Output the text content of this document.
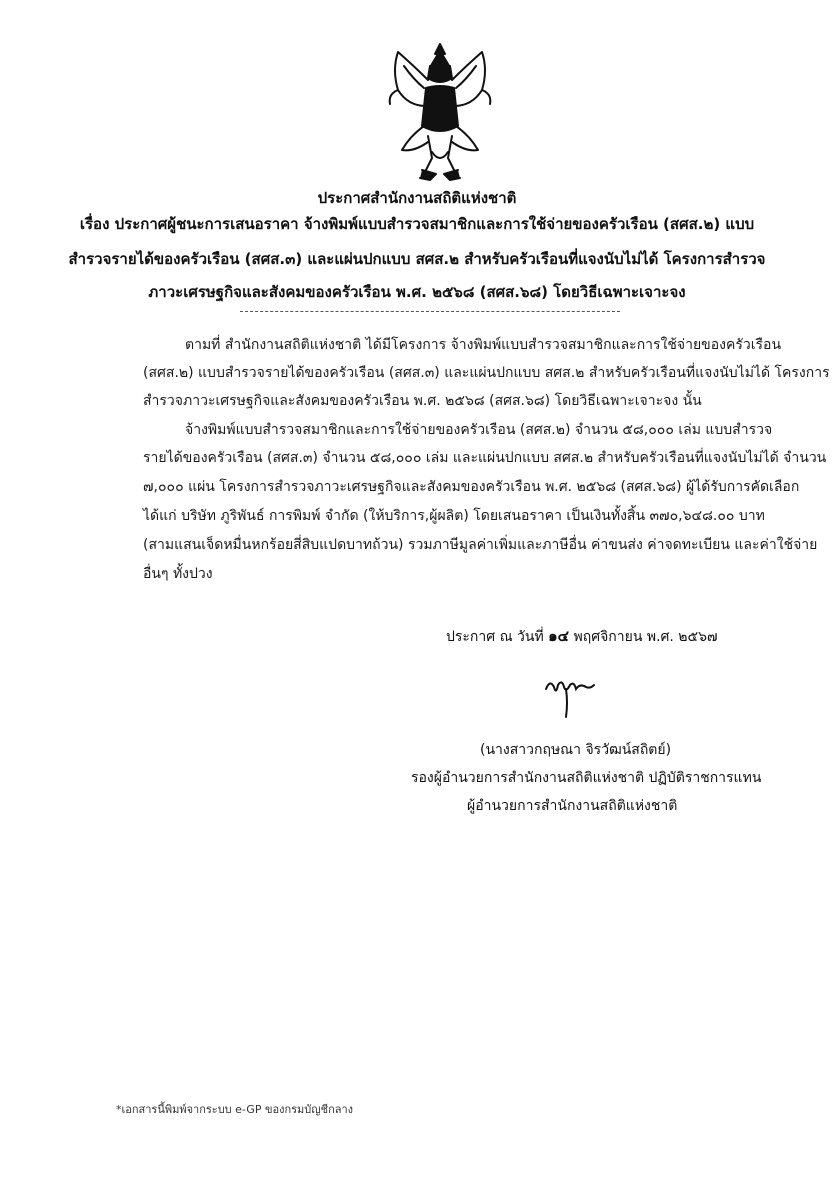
ประกาศสำนักงานสถิติแห่งชาติ
เรื่อง ประกาศผู้ชนะการเสนอราคา จ้างพิมพ์แบบสำรวจสมาชิกและการใช้จ่ายของครัวเรือน (สศส.๒) แบบ
สำรวจรายได้ของครัวเรือน (สศส.๓) และแผ่นปกแบบ สศส.๒ สำหรับครัวเรือนที่แจงนับไม่ได้ โครงการสำรวจ
ภาวะเศรษฐกิจและสังคมของครัวเรือน พ.ศ. ๒๕๖๘ (สศส.๖๘) โดยวิธีเฉพาะเจาะจง
ตามที่ สำนักงานสถิติแห่งชาติ ได้มีโครงการ จ้างพิมพ์แบบสำรวจสมาชิกและการใช้จ่ายของครัวเรือน
(สศส.๒) แบบสำรวจรายได้ของครัวเรือน (สศส.๓) และแผ่นปกแบบ สศส.๒ สำหรับครัวเรือนที่แจงนับไม่ได้ โครงการ
สำรวจภาวะเศรษฐกิจและสังคมของครัวเรือน พ.ศ. ๒๕๖๘ (สศส.๖๘) โดยวิธีเฉพาะเจาะจง นั้น
จ้างพิมพ์แบบสำรวจสมาชิกและการใช้จ่ายของครัวเรือน (สศส.๒) จำนวน ๕๘,๐๐๐ เล่ม แบบสำรวจ
รายได้ของครัวเรือน (สศส.๓) จำนวน ๕๘,๐๐๐ เล่ม และแผ่นปกแบบ สศส.๒ สำหรับครัวเรือนที่แจงนับไม่ได้ จำนวน
๗,๐๐๐ แผ่น โครงการสำรวจภาวะเศรษฐกิจและสังคมของครัวเรือน พ.ศ. ๒๕๖๘ (สศส.๖๘) ผู้ได้รับการคัดเลือก
ได้แก่ บริษัท ภูริพันธ์ การพิมพ์ จำกัด (ให้บริการ,ผู้ผลิต) โดยเสนอราคา เป็นเงินทั้งสิ้น ๓๗๐,๖๔๘.๐๐ บาท
(สามแสนเจ็ดหมื่นหกร้อยสี่สิบแปดบาทถ้วน) รวมภาษีมูลค่าเพิ่มและภาษีอื่น ค่าขนส่ง ค่าจดทะเบียน และค่าใช้จ่าย
อื่นๆ ทั้งปวง
ประกาศ ณ วันที่ ๑๔ พฤศจิกายน พ.ศ. ๒๕๖๗
(นางสาวกฤษณา จิรวัฒน์สถิตย์)
รองผู้อำนวยการสำนักงานสถิติแห่งชาติ ปฏิบัติราชการแทน
ผู้อำนวยการสำนักงานสถิติแห่งชาติ
*เอกสารนี้พิมพ์จากระบบ e-GP ของกรมบัญชีกลาง
